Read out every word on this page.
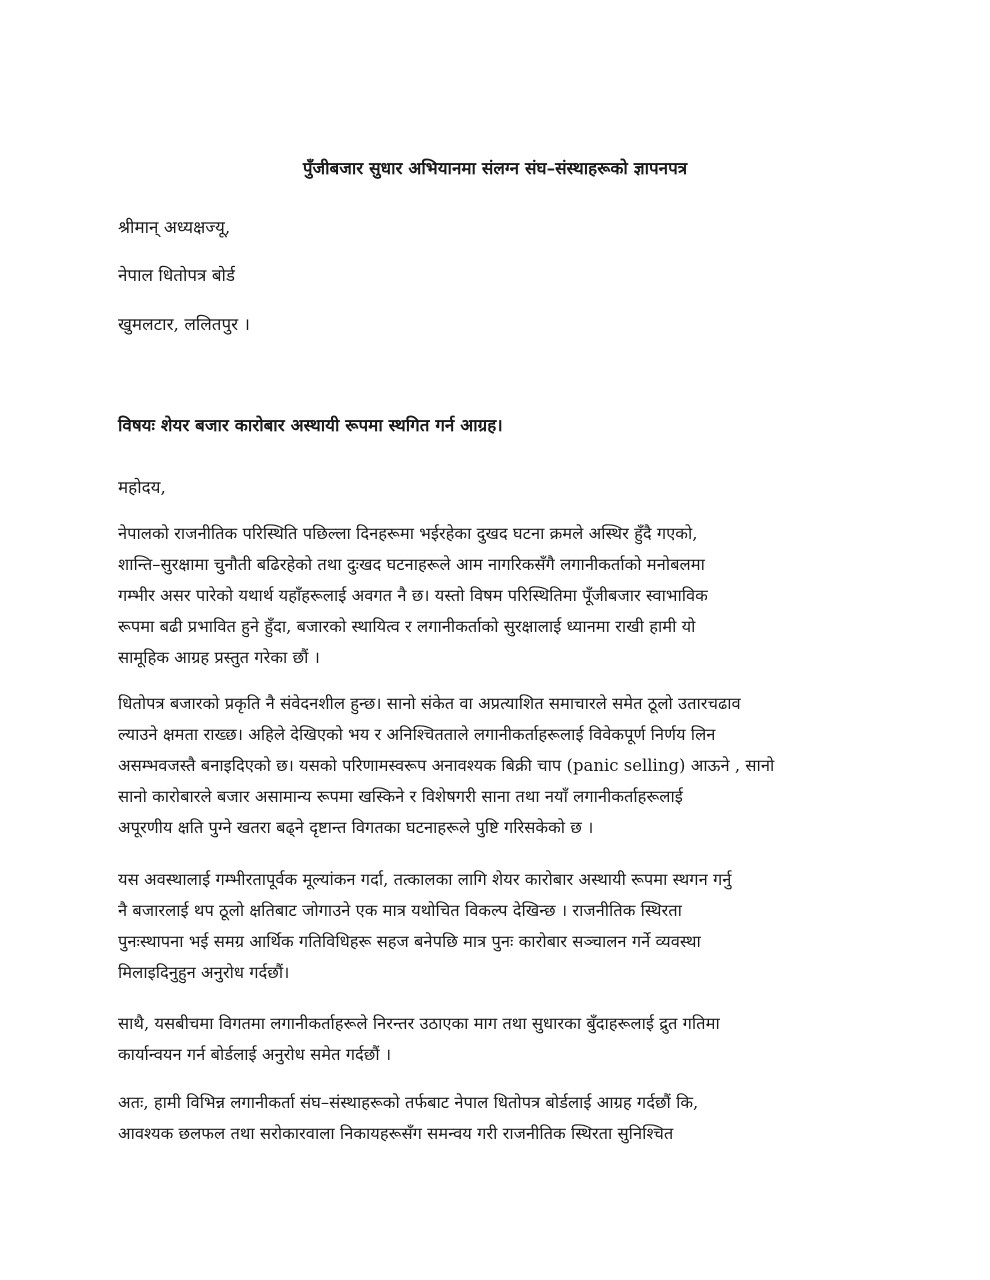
पुँजीबजार सुधार अभियानमा संलग्न संघ–संस्थाहरूको ज्ञापनपत्र
श्रीमान् अध्यक्षज्यू,
नेपाल धितोपत्र बोर्ड
खुमलटार, ललितपुर ।
विषयः शेयर बजार कारोबार अस्थायी रूपमा स्थगित गर्न आग्रह।
महोदय,
नेपालको राजनीतिक परिस्थिति पछिल्ला दिनहरूमा भईरहेका दुखद घटना क्रमले अस्थिर हुँदै गएको,
शान्ति–सुरक्षामा चुनौती बढिरहेको तथा दुःखद घटनाहरूले आम नागरिकसँगै लगानीकर्ताको मनोबलमा
गम्भीर असर पारेको यथार्थ यहाँहरूलाई अवगत नै छ। यस्तो विषम परिस्थितिमा पूँजीबजार स्वाभाविक
रूपमा बढी प्रभावित हुने हुँदा, बजारको स्थायित्व र लगानीकर्ताको सुरक्षालाई ध्यानमा राखी हामी यो
सामूहिक आग्रह प्रस्तुत गरेका छौं ।
धितोपत्र बजारको प्रकृति नै संवेदनशील हुन्छ। सानो संकेत वा अप्रत्याशित समाचारले समेत ठूलो उतारचढाव
ल्याउने क्षमता राख्छ। अहिले देखिएको भय र अनिश्चितताले लगानीकर्ताहरूलाई विवेकपूर्ण निर्णय लिन
असम्भवजस्तै बनाइदिएको छ। यसको परिणामस्वरूप अनावश्यक बिक्री चाप (panic selling) आऊने , सानो
सानो कारोबारले बजार असामान्य रूपमा खस्किने र विशेषगरी साना तथा नयाँ लगानीकर्ताहरूलाई
अपूरणीय क्षति पुग्ने खतरा बढ्ने दृष्टान्त विगतका घटनाहरूले पुष्टि गरिसकेको छ ।
यस अवस्थालाई गम्भीरतापूर्वक मूल्यांकन गर्दा, तत्कालका लागि शेयर कारोबार अस्थायी रूपमा स्थगन गर्नु
नै बजारलाई थप ठूलो क्षतिबाट जोगाउने एक मात्र यथोचित विकल्प देखिन्छ । राजनीतिक स्थिरता
पुनःस्थापना भई समग्र आर्थिक गतिविधिहरू सहज बनेपछि मात्र पुनः कारोबार सञ्चालन गर्ने व्यवस्था
मिलाइदिनुहुन अनुरोध गर्दछौं।
साथै, यसबीचमा विगतमा लगानीकर्ताहरूले निरन्तर उठाएका माग तथा सुधारका बुँदाहरूलाई द्रुत गतिमा
कार्यान्वयन गर्न बोर्डलाई अनुरोध समेत गर्दछौं ।
अतः, हामी विभिन्न लगानीकर्ता संघ–संस्थाहरूको तर्फबाट नेपाल धितोपत्र बोर्डलाई आग्रह गर्दछौं कि,
आवश्यक छलफल तथा सरोकारवाला निकायहरूसँग समन्वय गरी राजनीतिक स्थिरता सुनिश्चित
